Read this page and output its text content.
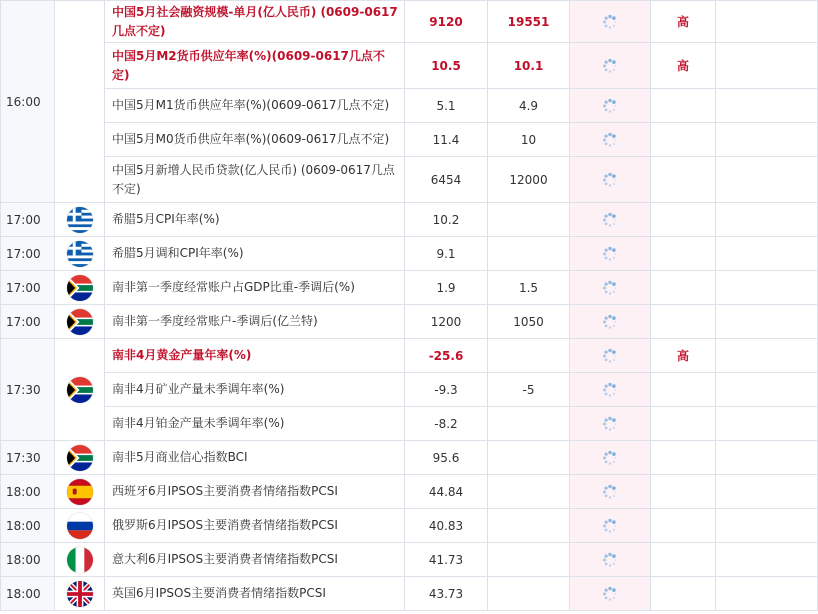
16:00		中国5月社会融资规模-单月(亿人民币) (0609-0617几点不定)	9120	19551		高	
		中国5月M2货币供应年率(%)(0609-0617几点不定)	10.5	10.1		高	
		中国5月M1货币供应年率(%)(0609-0617几点不定)	5.1	4.9			
		中国5月M0货币供应年率(%)(0609-0617几点不定)	11.4	10			
		中国5月新增人民币贷款(亿人民币) (0609-0617几点不定)	6454	12000			
17:00		希腊5月CPI年率(%)	10.2				
17:00		希腊5月调和CPI年率(%)	9.1				
17:00		南非第一季度经常账户占GDP比重-季调后(%)	1.9	1.5			
17:00		南非第一季度经常账户-季调后(亿兰特)	1200	1050			
17:30		南非4月黄金产量年率(%)	-25.6			高	
		南非4月矿业产量未季调年率(%)	-9.3	-5			
		南非4月铂金产量未季调年率(%)	-8.2				
17:30		南非5月商业信心指数BCI	95.6				
18:00		西班牙6月IPSOS主要消费者情绪指数PCSI	44.84				
18:00		俄罗斯6月IPSOS主要消费者情绪指数PCSI	40.83				
18:00		意大利6月IPSOS主要消费者情绪指数PCSI	41.73				
18:00		英国6月IPSOS主要消费者情绪指数PCSI	43.73				
